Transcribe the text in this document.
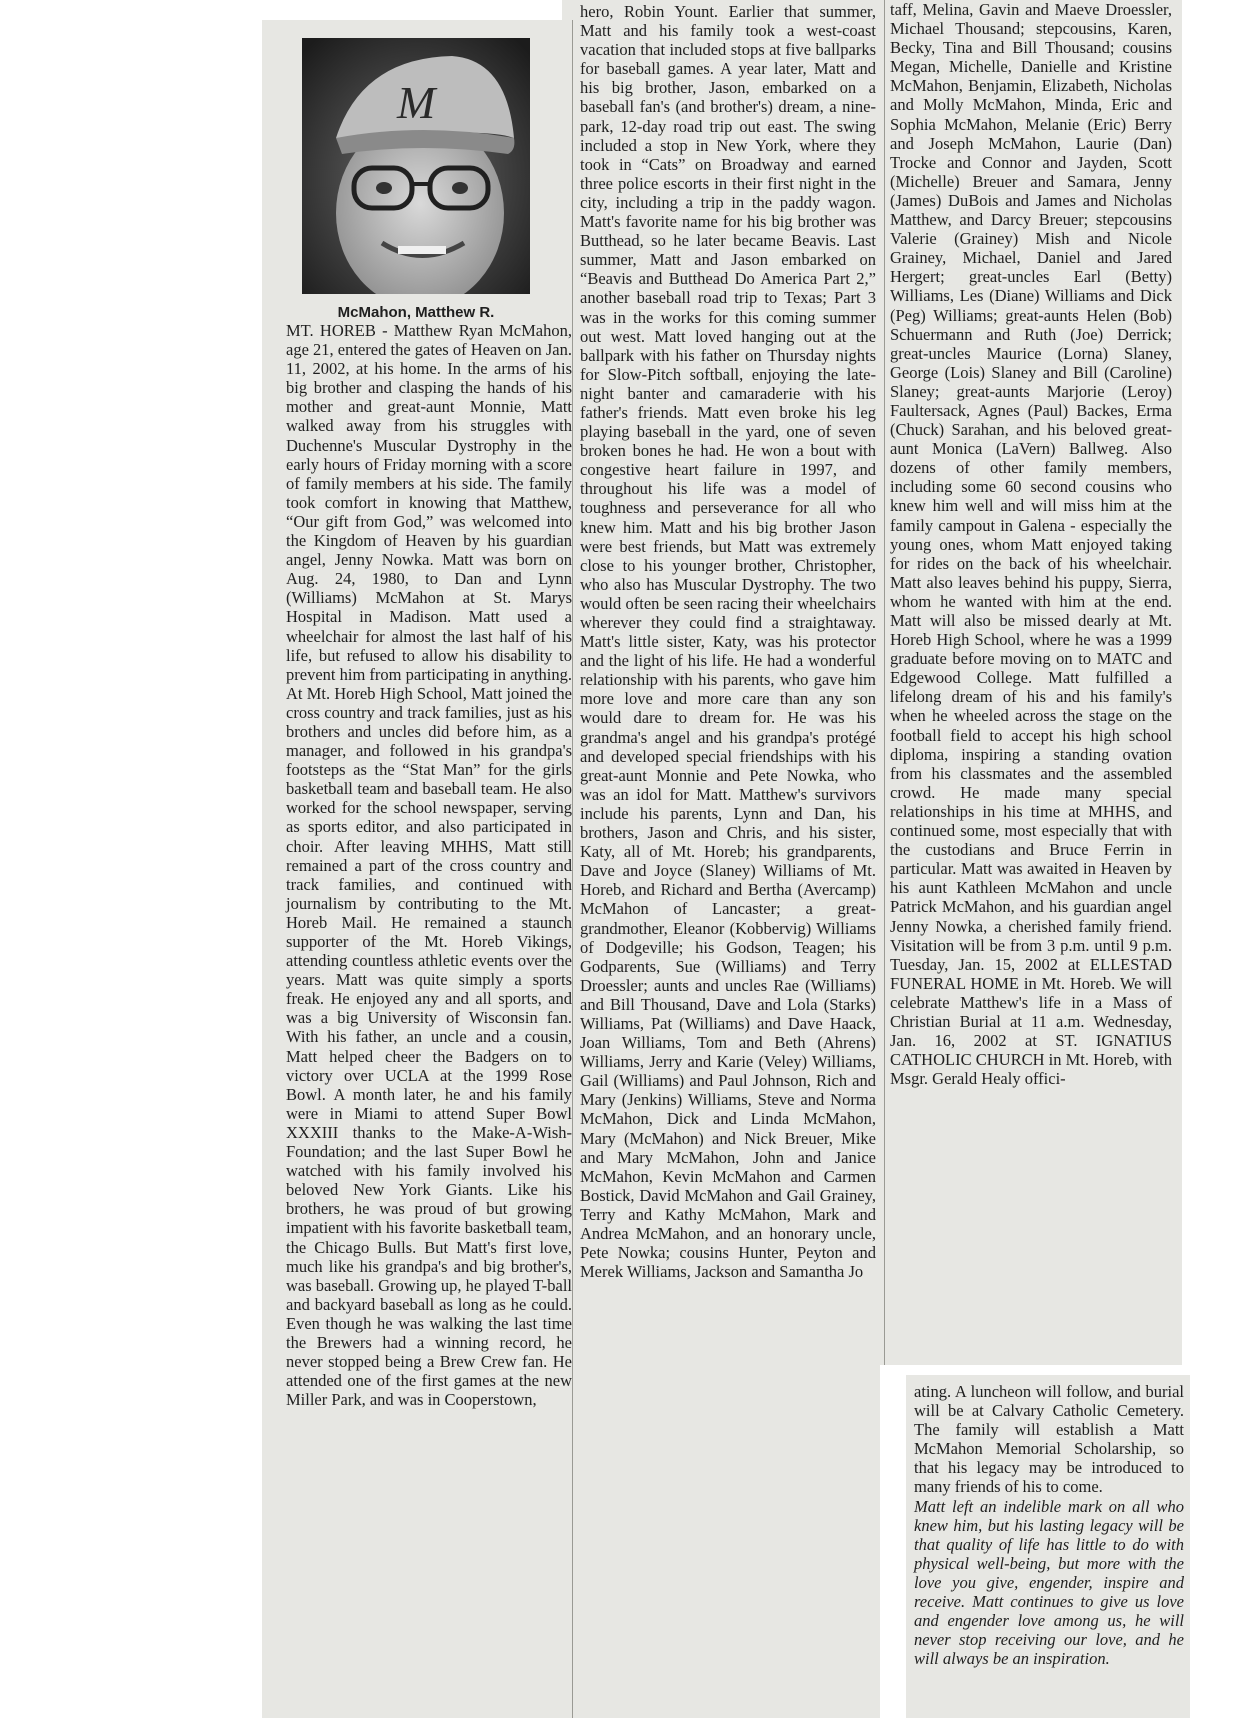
M
McMahon, Matthew R.

MT. HOREB - Matthew Ryan McMahon, age 21, entered the gates of Heaven on Jan. 11, 2002, at his home. In the arms of his big brother and clasping the hands of his mother and great-aunt Monnie, Matt walked away from his struggles with Duchenne's Muscular Dystrophy in the early hours of Friday morning with a score of family members at his side. The family took comfort in knowing that Matthew, “Our gift from God,” was welcomed into the Kingdom of Heaven by his guardian angel, Jenny Nowka. Matt was born on Aug. 24, 1980, to Dan and Lynn (Williams) McMahon at St. Marys Hospital in Madison. Matt used a wheelchair for almost the last half of his life, but refused to allow his disability to prevent him from participating in anything. At Mt. Horeb High School, Matt joined the cross country and track families, just as his brothers and uncles did before him, as a manager, and followed in his grandpa's footsteps as the “Stat Man” for the girls basketball team and baseball team. He also worked for the school newspaper, serving as sports editor, and also participated in choir. After leaving MHHS, Matt still remained a part of the cross country and track families, and continued with journalism by contributing to the Mt. Horeb Mail. He remained a staunch supporter of the Mt. Horeb Vikings, attending countless athletic events over the years. Matt was quite simply a sports freak. He enjoyed any and all sports, and was a big University of Wisconsin fan. With his father, an uncle and a cousin, Matt helped cheer the Badgers on to victory over UCLA at the 1999 Rose Bowl. A month later, he and his family were in Miami to attend Super Bowl XXXIII thanks to the Make-A-Wish-Foundation; and the last Super Bowl he watched with his family involved his beloved New York Giants. Like his brothers, he was proud of but growing impatient with his favorite basketball team, the Chicago Bulls. But Matt's first love, much like his grandpa's and big brother's, was baseball. Growing up, he played T-ball and backyard baseball as long as he could. Even though he was walking the last time the Brewers had a winning record, he never stopped being a Brew Crew fan. He attended one of the first games at the new Miller Park, and was in Cooperstown,

hero, Robin Yount. Earlier that summer, Matt and his family took a west-coast vacation that included stops at five ballparks for baseball games. A year later, Matt and his big brother, Jason, embarked on a baseball fan's (and brother's) dream, a nine-park, 12-day road trip out east. The swing included a stop in New York, where they took in “Cats” on Broadway and earned three police escorts in their first night in the city, including a trip in the paddy wagon. Matt's favorite name for his big brother was Butthead, so he later became Beavis. Last summer, Matt and Jason embarked on “Beavis and Butthead Do America Part 2,” another baseball road trip to Texas; Part 3 was in the works for this coming summer out west. Matt loved hanging out at the ballpark with his father on Thursday nights for Slow-Pitch softball, enjoying the late-night banter and camaraderie with his father's friends. Matt even broke his leg playing baseball in the yard, one of seven broken bones he had. He won a bout with congestive heart failure in 1997, and throughout his life was a model of toughness and perseverance for all who knew him. Matt and his big brother Jason were best friends, but Matt was extremely close to his younger brother, Christopher, who also has Muscular Dystrophy. The two would often be seen racing their wheelchairs wherever they could find a straightaway. Matt's little sister, Katy, was his protector and the light of his life. He had a wonderful relationship with his parents, who gave him more love and more care than any son would dare to dream for. He was his grandma's angel and his grandpa's protégé and developed special friendships with his great-aunt Monnie and Pete Nowka, who was an idol for Matt. Matthew's survivors include his parents, Lynn and Dan, his brothers, Jason and Chris, and his sister, Katy, all of Mt. Horeb; his grandparents, Dave and Joyce (Slaney) Williams of Mt. Horeb, and Richard and Bertha (Avercamp) McMahon of Lancaster; a great-grandmother, Eleanor (Kobbervig) Williams of Dodgeville; his Godson, Teagen; his Godparents, Sue (Williams) and Terry Droessler; aunts and uncles Rae (Williams) and Bill Thousand, Dave and Lola (Starks) Williams, Pat (Williams) and Dave Haack, Joan Williams, Tom and Beth (Ahrens) Williams, Jerry and Karie (Veley) Williams, Gail (Williams) and Paul Johnson, Rich and Mary (Jenkins) Williams, Steve and Norma McMahon, Dick and Linda McMahon, Mary (McMahon) and Nick Breuer, Mike and Mary McMahon, John and Janice McMahon, Kevin McMahon and Carmen Bostick, David McMahon and Gail Grainey, Terry and Kathy McMahon, Mark and Andrea McMahon, and an honorary uncle, Pete Nowka; cousins Hunter, Peyton and Merek Williams, Jackson and Samantha Jo

taff, Melina, Gavin and Maeve Droessler, Michael Thousand; stepcousins, Karen, Becky, Tina and Bill Thousand; cousins Megan, Michelle, Danielle and Kristine McMahon, Benjamin, Elizabeth, Nicholas and Molly McMahon, Minda, Eric and Sophia McMahon, Melanie (Eric) Berry and Joseph McMahon, Laurie (Dan) Trocke and Connor and Jayden, Scott (Michelle) Breuer and Samara, Jenny (James) DuBois and James and Nicholas Matthew, and Darcy Breuer; stepcousins Valerie (Grainey) Mish and Nicole Grainey, Michael, Daniel and Jared Hergert; great-uncles Earl (Betty) Williams, Les (Diane) Williams and Dick (Peg) Williams; great-aunts Helen (Bob) Schuermann and Ruth (Joe) Derrick; great-uncles Maurice (Lorna) Slaney, George (Lois) Slaney and Bill (Caroline) Slaney; great-aunts Marjorie (Leroy) Faultersack, Agnes (Paul) Backes, Erma (Chuck) Sarahan, and his beloved great-aunt Monica (LaVern) Ballweg. Also dozens of other family members, including some 60 second cousins who knew him well and will miss him at the family campout in Galena - especially the young ones, whom Matt enjoyed taking for rides on the back of his wheelchair. Matt also leaves behind his puppy, Sierra, whom he wanted with him at the end. Matt will also be missed dearly at Mt. Horeb High School, where he was a 1999 graduate before moving on to MATC and Edgewood College. Matt fulfilled a lifelong dream of his and his family's when he wheeled across the stage on the football field to accept his high school diploma, inspiring a standing ovation from his classmates and the assembled crowd. He made many special relationships in his time at MHHS, and continued some, most especially that with the custodians and Bruce Ferrin in particular. Matt was awaited in Heaven by his aunt Kathleen McMahon and uncle Patrick McMahon, and his guardian angel Jenny Nowka, a cherished family friend. Visitation will be from 3 p.m. until 9 p.m. Tuesday, Jan. 15, 2002 at ELLESTAD FUNERAL HOME in Mt. Horeb. We will celebrate Matthew's life in a Mass of Christian Burial at 11 a.m. Wednesday, Jan. 16, 2002 at ST. IGNATIUS CATHOLIC CHURCH in Mt. Horeb, with Msgr. Gerald Healy offici-

ating. A luncheon will follow, and burial will be at Calvary Catholic Cemetery. The family will establish a Matt McMahon Memorial Scholarship, so that his legacy may be introduced to many friends of his to come.

Matt left an indelible mark on all who knew him, but his lasting legacy will be that quality of life has little to do with physical well-being, but more with the love you give, engender, inspire and receive. Matt continues to give us love and engender love among us, he will never stop receiving our love, and he will always be an inspiration.
